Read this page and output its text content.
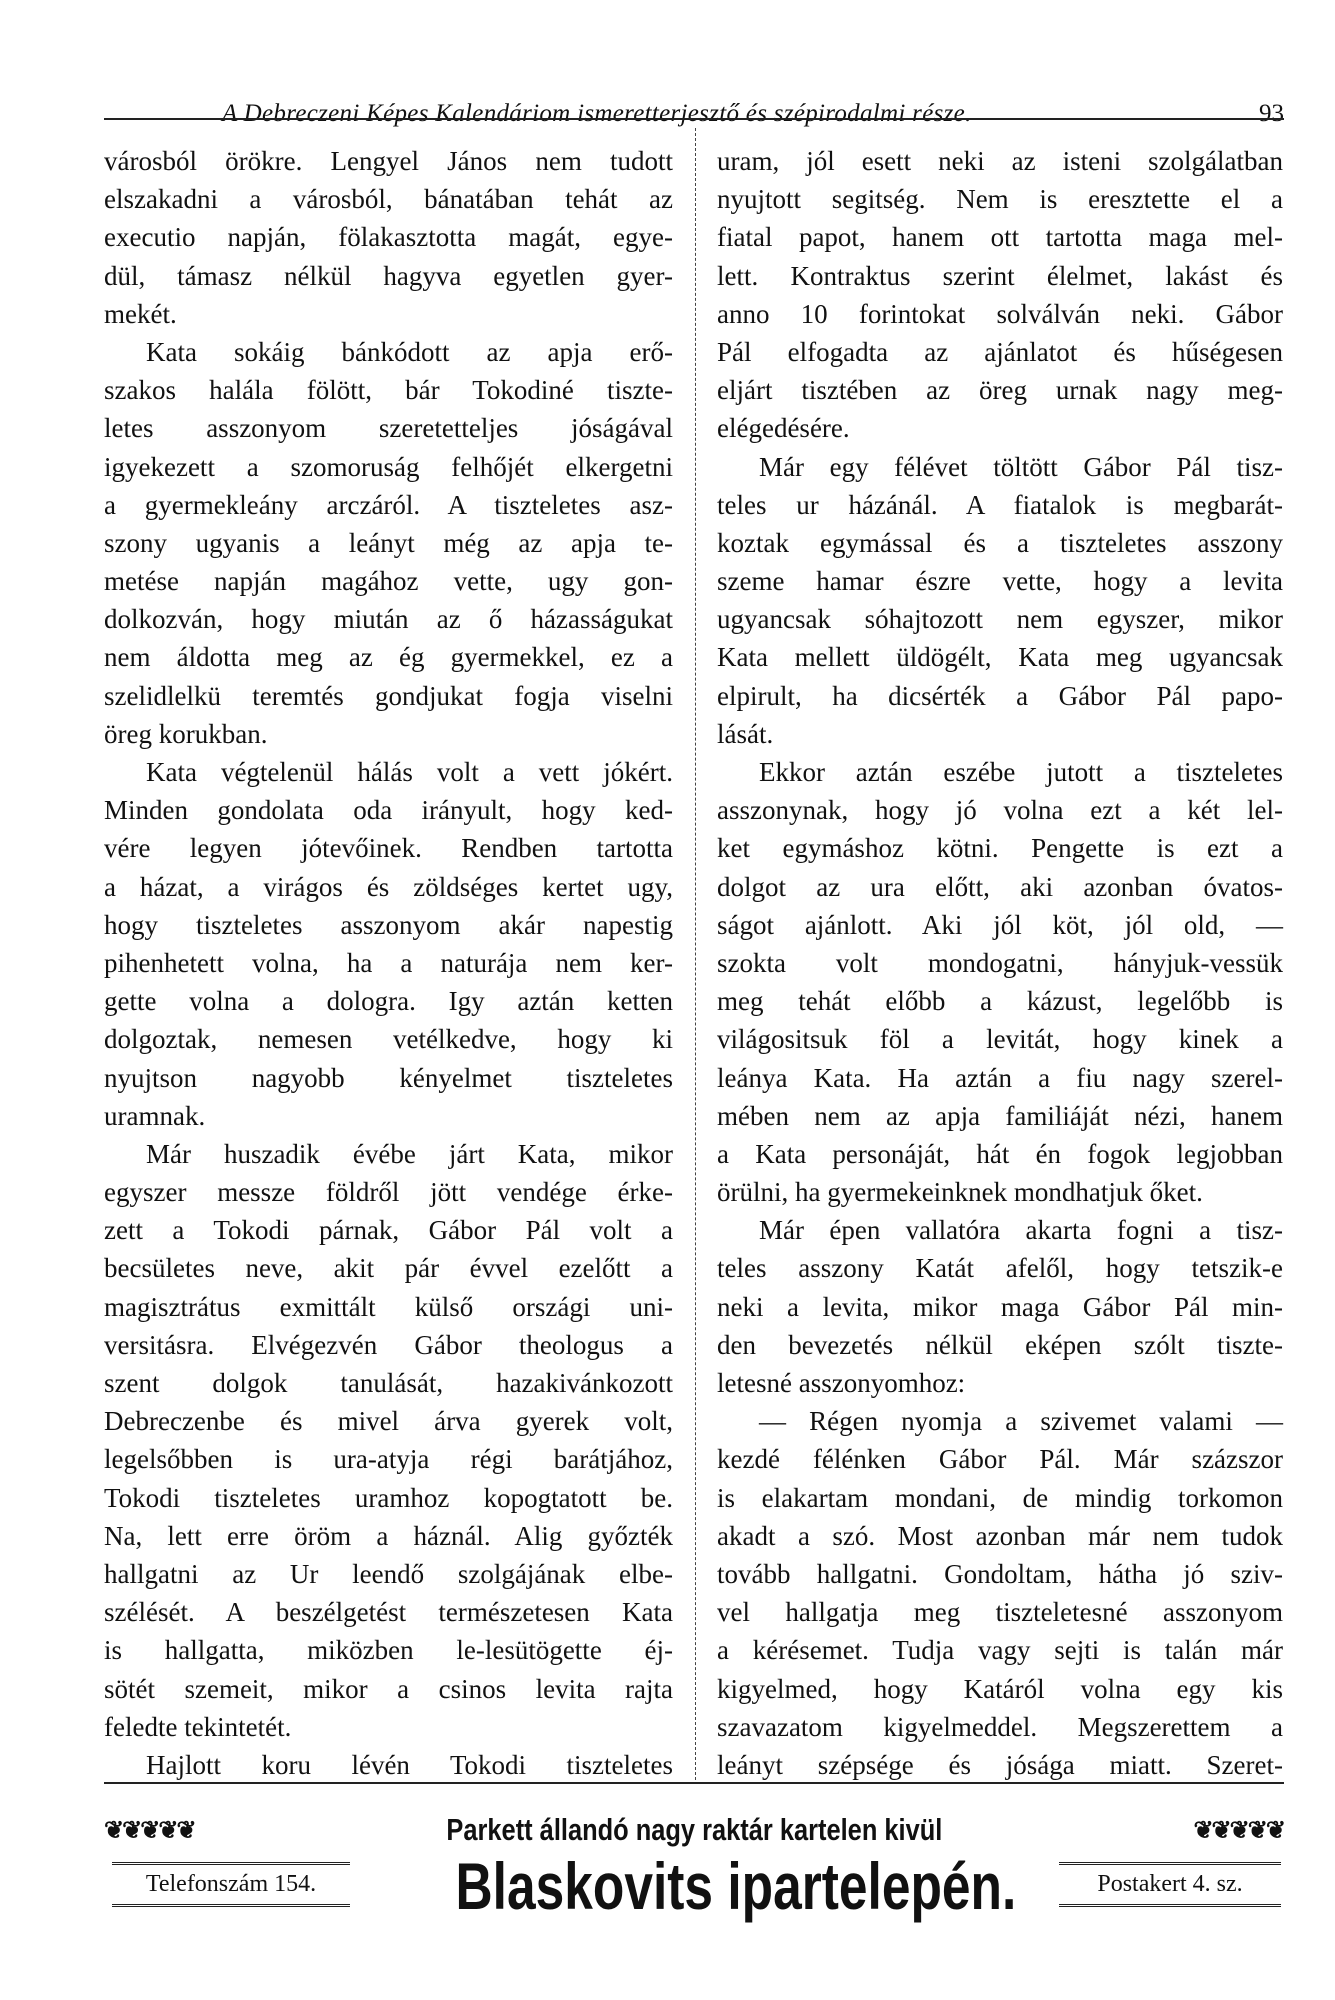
A Debreczeni Képes Kalendáriom ismeretterjesztő és szépirodalmi része.	93
városból örökre. Lengyel János nem tudott
elszakadni a városból, bánatában tehát az
executio napján, fölakasztotta magát, egye-
dül, támasz nélkül hagyva egyetlen gyer-
mekét.
Kata sokáig bánkódott az apja erő-
szakos halála fölött, bár Tokodiné tiszte-
letes asszonyom szeretetteljes jóságával
igyekezett a szomoruság felhőjét elkergetni
a gyermekleány arczáról. A tiszteletes asz-
szony ugyanis a leányt még az apja te-
metése napján magához vette, ugy gon-
dolkozván, hogy miután az ő házasságukat
nem áldotta meg az ég gyermekkel, ez a
szelidlelkü teremtés gondjukat fogja viselni
öreg korukban.
Kata végtelenül hálás volt a vett jókért.
Minden gondolata oda irányult, hogy ked-
vére legyen jótevőinek. Rendben tartotta
a házat, a virágos és zöldséges kertet ugy,
hogy tiszteletes asszonyom akár napestig
pihenhetett volna, ha a naturája nem ker-
gette volna a dologra. Igy aztán ketten
dolgoztak, nemesen vetélkedve, hogy ki
nyujtson nagyobb kényelmet tiszteletes
uramnak.
Már huszadik évébe járt Kata, mikor
egyszer messze földről jött vendége érke-
zett a Tokodi párnak, Gábor Pál volt a
becsületes neve, akit pár évvel ezelőtt a
magisztrátus exmittált külső országi uni-
versitásra. Elvégezvén Gábor theologus a
szent dolgok tanulását, hazakivánkozott
Debreczenbe és mivel árva gyerek volt,
legelsőbben is ura-atyja régi barátjához,
Tokodi tiszteletes uramhoz kopogtatott be.
Na, lett erre öröm a háznál. Alig győzték
hallgatni az Ur leendő szolgájának elbe-
szélését. A beszélgetést természetesen Kata
is hallgatta, miközben le-lesütögette éj-
sötét szemeit, mikor a csinos levita rajta
feledte tekintetét.
Hajlott koru lévén Tokodi tiszteletes
uram, jól esett neki az isteni szolgálatban
nyujtott segitség. Nem is eresztette el a
fiatal papot, hanem ott tartotta maga mel-
lett. Kontraktus szerint élelmet, lakást és
anno 10 forintokat solválván neki. Gábor
Pál elfogadta az ajánlatot és hűségesen
eljárt tisztében az öreg urnak nagy meg-
elégedésére.
Már egy félévet töltött Gábor Pál tisz-
teles ur házánál. A fiatalok is megbarát-
koztak egymással és a tiszteletes asszony
szeme hamar észre vette, hogy a levita
ugyancsak sóhajtozott nem egyszer, mikor
Kata mellett üldögélt, Kata meg ugyancsak
elpirult, ha dicsérték a Gábor Pál papo-
lását.
Ekkor aztán eszébe jutott a tiszteletes
asszonynak, hogy jó volna ezt a két lel-
ket egymáshoz kötni. Pengette is ezt a
dolgot az ura előtt, aki azonban óvatos-
ságot ajánlott. Aki jól köt, jól old, —
szokta volt mondogatni, hányjuk-vessük
meg tehát előbb a kázust, legelőbb is
világositsuk föl a levitát, hogy kinek a
leánya Kata. Ha aztán a fiu nagy szerel-
mében nem az apja familiáját nézi, hanem
a Kata personáját, hát én fogok legjobban
örülni, ha gyermekeinknek mondhatjuk őket.
Már épen vallatóra akarta fogni a tisz-
teles asszony Katát afelől, hogy tetszik-e
neki a levita, mikor maga Gábor Pál min-
den bevezetés nélkül eképen szólt tiszte-
letesné asszonyomhoz:
— Régen nyomja a szivemet valami —
kezdé félénken Gábor Pál. Már százszor
is elakartam mondani, de mindig torkomon
akadt a szó. Most azonban már nem tudok
tovább hallgatni. Gondoltam, hátha jó sziv-
vel hallgatja meg tiszteletesné asszonyom
a kérésemet. Tudja vagy sejti is talán már
kigyelmed, hogy Katáról volna egy kis
szavazatom kigyelmeddel. Megszerettem a
leányt szépsége és jósága miatt. Szeret-
❦❦❦❦❦	Parkett állandó nagy raktár kartelen kivül	❦❦❦❦❦
Telefonszám 154.	Blaskovits ipartelepén.	Postakert 4. sz.
